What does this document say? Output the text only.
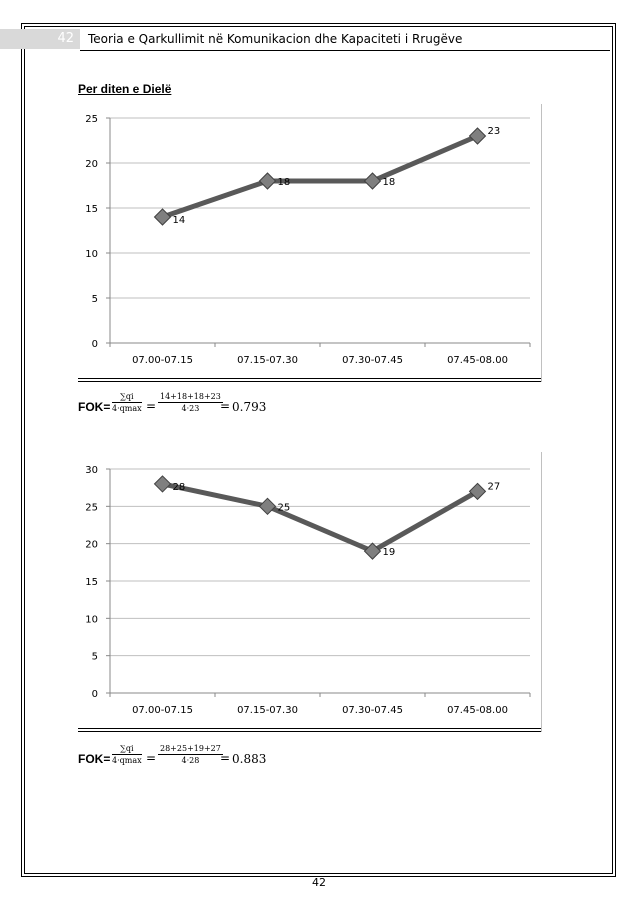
42	Teoria e Qarkullimit në Komunikacion dhe Kapaciteti i Rrugëve
Per diten e Dielë
0
5
10
15
20
25
07.00-07.15	07.15-07.30	07.30-07.45	07.45-08.00
14
18	18
23
FOK=
∑qi
$4\cdot qmax = \frac{14+18+18+23}{4\cdot 23}$
= 0.793
0
5
10
15
20
25
30
07.00-07.15	07.15-07.30	07.30-07.45	07.45-08.00
28
25
19
27
FOK=
∑qi
$4\cdot qmax = \frac{28+25+19+27}{4\cdot 28}$
= 0.883
42
